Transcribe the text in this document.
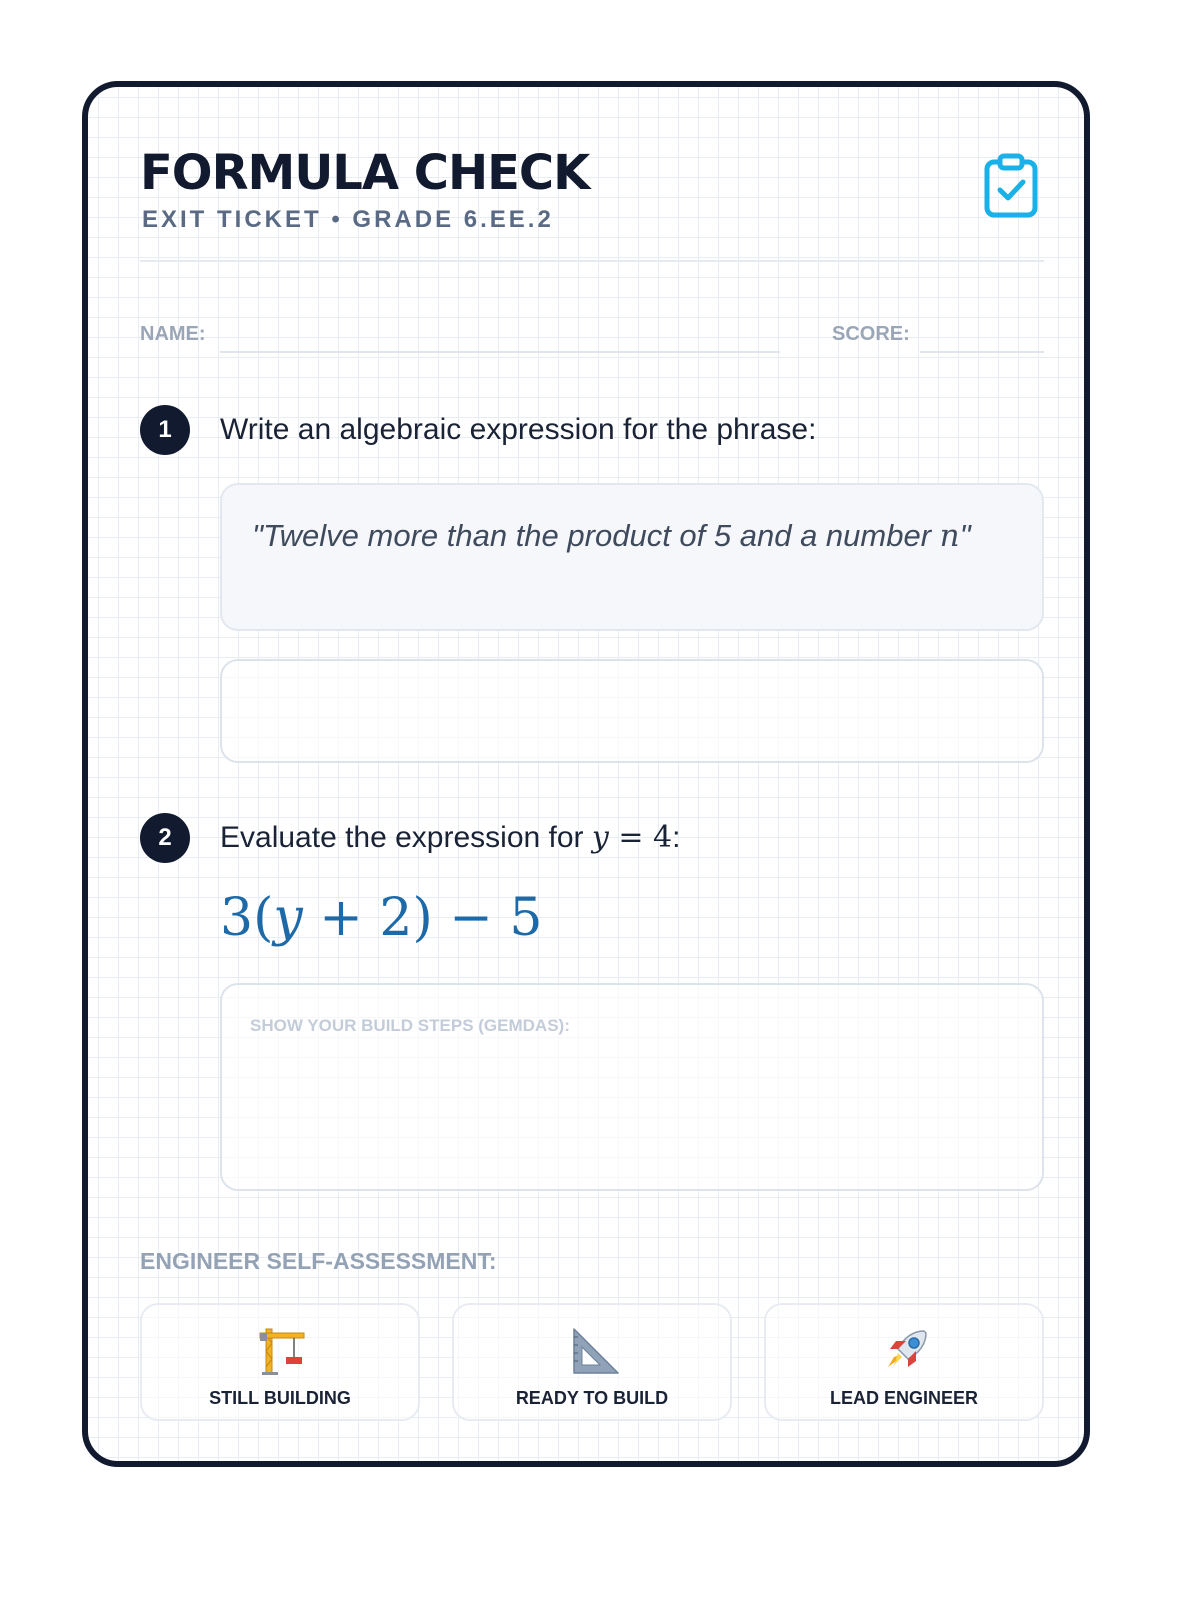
FORMULA CHECK
EXIT TICKET • GRADE 6.EE.2
NAME:	SCORE:
1	Write an algebraic expression for the phrase:
"Twelve more than the product of 5 and a number n"
2	Evaluate the expression for y = 4:
3(y + 2) − 5
SHOW YOUR BUILD STEPS (GEMDAS):
ENGINEER SELF-ASSESSMENT:
STILL BUILDING	READY TO BUILD	LEAD ENGINEER
